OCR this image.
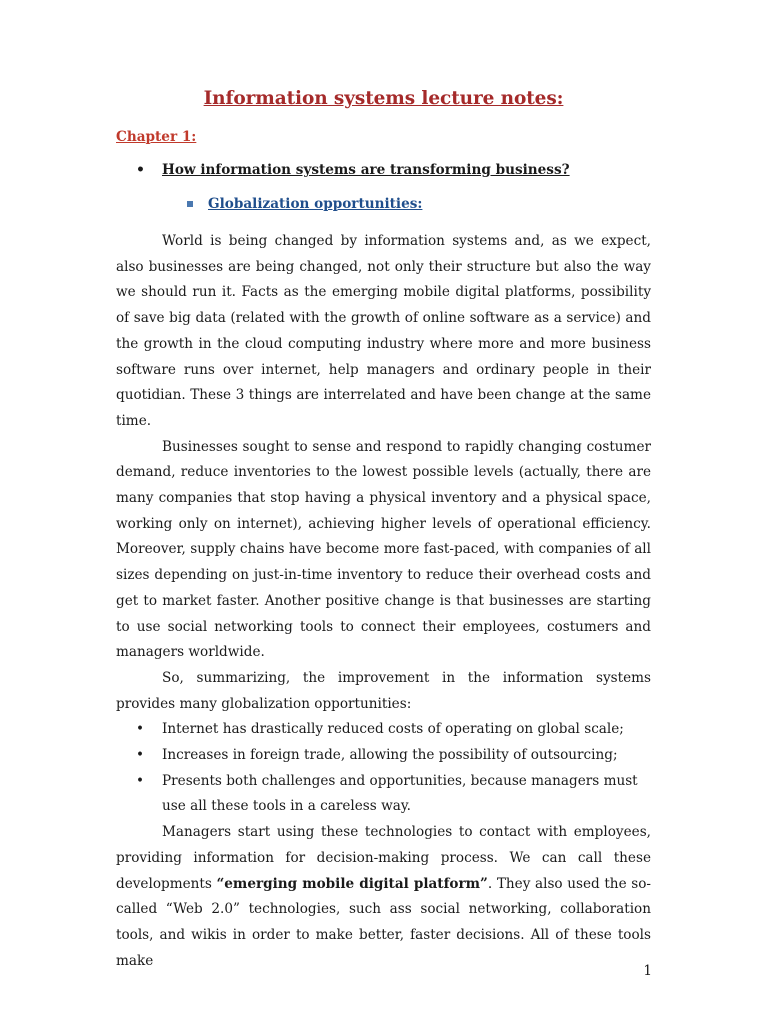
Information systems lecture notes:
Chapter 1:
• How information systems are transforming business?
Globalization opportunities:

World is being changed by information systems and, as we expect, also businesses are being changed, not only their structure but also the way we should run it. Facts as the emerging mobile digital platforms, possibility of save big data (related with the growth of online software as a service) and the growth in the cloud computing industry where more and more business software runs over internet, help managers and ordinary people in their quotidian. These 3 things are interrelated and have been change at the same time.

Businesses sought to sense and respond to rapidly changing costumer demand, reduce inventories to the lowest possible levels (actually, there are many companies that stop having a physical inventory and a physical space, working only on internet), achieving higher levels of operational efficiency. Moreover, supply chains have become more fast-paced, with companies of all sizes depending on just-in-time inventory to reduce their overhead costs and get to market faster. Another positive change is that businesses are starting to use social networking tools to connect their employees, costumers and managers worldwide.

So, summarizing, the improvement in the information systems provides many globalization opportunities:

• Internet has drastically reduced costs of operating on global scale;
• Increases in foreign trade, allowing the possibility of outsourcing;
• Presents both challenges and opportunities, because managers must use all these tools in a careless way.

Managers start using these technologies to contact with employees, providing information for decision-making process. We can call these developments “emerging mobile digital platform”. They also used the so-called “Web 2.0” technologies, such ass social networking, collaboration tools, and wikis in order to make better, faster decisions. All of these tools make

1
